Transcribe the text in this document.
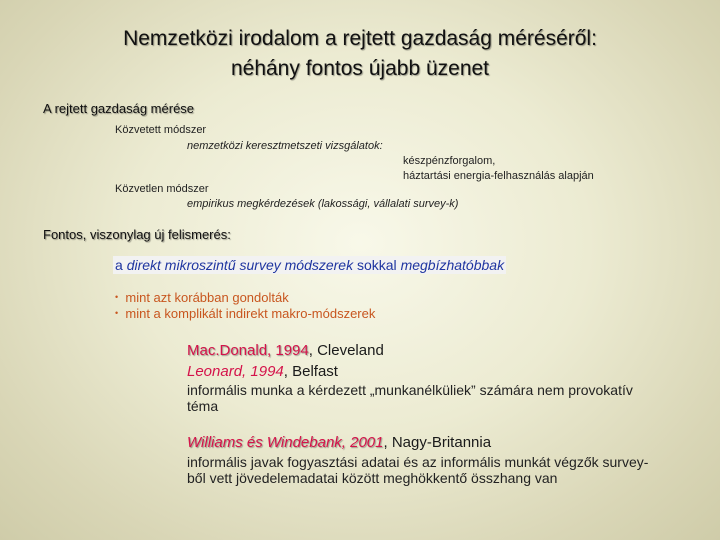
Nemzetközi irodalom a rejtett gazdaság méréséről:
néhány fontos újabb üzenet
A rejtett gazdaság mérése
Közvetett módszer
nemzetközi keresztmetszeti vizsgálatok:
készpénzforgalom,
háztartási energia-felhasználás alapján
Közvetlen módszer
empirikus megkérdezések (lakossági, vállalati survey-k)
Fontos, viszonylag új felismerés:
a direkt mikroszintű survey módszerek sokkal megbízhatóbbak
• mint azt korábban gondolták
• mint a komplikált indirekt makro-módszerek
Mac.Donald, 1994, Cleveland
Leonard, 1994, Belfast
informális munka a kérdezett „munkanélküliek” számára nem provokatív téma
Williams és Windebank, 2001, Nagy-Britannia
informális javak fogyasztási adatai és az informális munkát végzők survey-ből vett jövedelemadatai között meghökkentő összhang van
